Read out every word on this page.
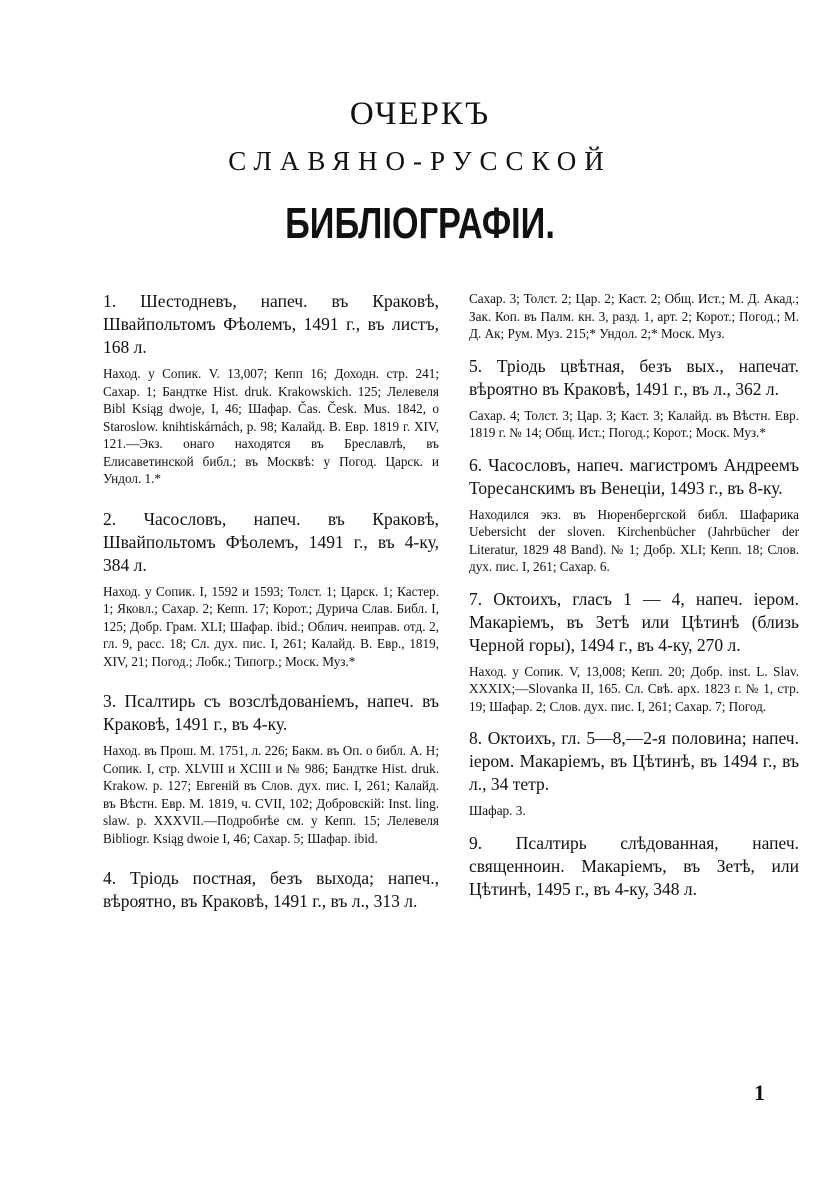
ОЧЕРКЪ
СЛАВЯНО-РУССКОЙ
БИБЛIОГРАФIИ.

1. Шестодневъ, напеч. въ Краковѣ, Швайпольтомъ Фѣолемъ, 1491 г., въ листъ, 168 л.

Наход. у Сопик. V. 13,007; Кепп 16; Доходн. стр. 241; Сахар. 1; Бандтке Hist. druk. Krakowskich. 125; Лелевеля Bibl Ksiąg dwoje, I, 46; Шафар. Čas. Česk. Mus. 1842, o Staroslow. knihtiskárnách, p. 98; Калайд. В. Евр. 1819 г. XIV, 121.—Экз. онаго находятся въ Бреславлѣ, въ Елисаветинской библ.; въ Москвѣ: у Погод. Царск. и Ундол. 1.*

2. Часословъ, напеч. въ Краковѣ, Швайпольтомъ Фѣолемъ, 1491 г., въ 4-ку, 384 л.

Наход. у Сопик. I, 1592 и 1593; Толст. 1; Царск. 1; Кастер. 1; Яковл.; Сахар. 2; Кепп. 17; Корот.; Дурича Слав. Библ. I, 125; Добр. Грам. XLI; Шафар. ibid.; Облич. неиправ. отд. 2, гл. 9, расс. 18; Сл. дух. пис. I, 261; Калайд. В. Евр., 1819, XIV, 21; Погод.; Лобк.; Типогр.; Моск. Муз.*

3. Псалтирь съ возслѣдованiемъ, напеч. въ Краковѣ, 1491 г., въ 4-ку.

Наход. въ Прош. М. 1751, л. 226; Бакм. въ Оп. о библ. А. Н; Сопик. I, стр. XLVIII и XCIII и № 986; Бандтке Hist. druk. Krakow. p. 127; Евгенiй въ Слов. дух. пис. I, 261; Калайд. въ Вѣстн. Евр. М. 1819, ч. CVII, 102; Добровскiй: Inst. ling. slaw. p. XXXVII.—Подробнѣе см. у Кепп. 15; Лелевеля Bibliogr. Ksiąg dwoie I, 46; Сахар. 5; Шафар. ibid.

4. Трiодь постная, безъ выхода; напеч., вѣроятно, въ Краковѣ, 1491 г., въ л., 313 л.

Сахар. 3; Толст. 2; Цар. 2; Каст. 2; Общ. Ист.; М. Д. Акад.; Зак. Коп. въ Палм. кн. 3, разд. 1, арт. 2; Корот.; Погод.; М. Д. Ак; Рум. Муз. 215;* Ундол. 2;* Моск. Муз.

5. Трiодь цвѣтная, безъ вых., напечат. вѣроятно въ Краковѣ, 1491 г., въ л., 362 л.

Сахар. 4; Толст. 3; Цар. 3; Каст. 3; Калайд. въ Вѣстн. Евр. 1819 г. № 14; Общ. Ист.; Погод.; Корот.; Моск. Муз.*

6. Часословъ, напеч. магистромъ Андреемъ Торесанскимъ въ Венецiи, 1493 г., въ 8-ку.

Находился экз. въ Нюренбергской библ. Шафарика Uebersicht der sloven. Kirchenbücher (Jahrbücher der Literatur, 1829 48 Band). № 1; Добр. XLI; Кепп. 18; Слов. дух. пис. I, 261; Сахар. 6.

7. Октоихъ, гласъ 1 — 4, напеч. iером. Макарiемъ, въ Зетѣ или Цѣтинѣ (близь Черной горы), 1494 г., въ 4-ку, 270 л.

Наход. у Сопик. V, 13,008; Кепп. 20; Добр. inst. L. Slav. XXXIX;—Slovanka II, 165. Сл. Свѣ. арх. 1823 г. № 1, стр. 19; Шафар. 2; Слов. дух. пис. I, 261; Сахар. 7; Погод.

8. Октоихъ, гл. 5—8,—2-я половина; напеч. iером. Макарiемъ, въ Цѣтинѣ, въ 1494 г., въ л., 34 тетр.

Шафар. 3.

9. Псалтирь слѣдованная, напеч. священноин. Макарiемъ, въ Зетѣ, или Цѣтинѣ, 1495 г., въ 4-ку, 348 л.

1
